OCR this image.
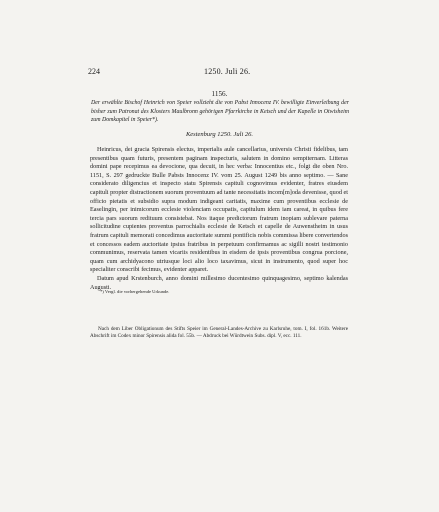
224	1250. Juli 26.
1156.
Der erwählte Bischof Heinrich von Speier vollzieht die von Pabst Innocenz IV. bewilligte Einverleibung der bisher zum Patronat des Klosters Maulbronn gehörigen Pfarrkirche in Ketsch und der Kapelle in Otwisheim zum Domkapitel in Speier*).
Kestenburg 1250. Juli 26.

Heinricus, dei gracia Spirensis electus, imperialis aule cancellarius, universis Christi fidelibus, tam presentibus quam futuris, presentem paginam inspecturis, salutem in domino sempiternam. Litteras domini pape recepimus ea devocione, qua decuit, in hec verba: Innocentius etc., folgt die oben Nro. 1151, S. 297 gedruckte Bulle Pabsts Innocenz IV. vom 25. August 1249 bis anno septimo. — Sane considerato diligencius et inspecto statu Spirensis capituli cognovimus evidenter, fratres eiusdem capituli propter distractionem suorum proventuum ad tante necessitatis incom[m]oda devenisse, quod et officio pietatis et subsidio supra modum indigeant caritatis, maxime cum proventibus ecclesie de Easelingin, per inimicorum ecclesie violenciam occupatis, capitulum idem iam careat, in quibus fere tercia pars suorum redituum consistebat. Nos itaque predictorum fratrum inopiam sublevare paterna sollicitudine cupientes proventus parrochialis ecclesie de Ketsch et capelle de Auwenstheim in usus fratrum capituli memorati concedimus auctoritate summi pontificis nobis commissa libere convertendos et concessos eadem auctoritate ipsius fratribus in perpetuum confirmamus ac sigilli nostri testimonio communimus, reservata tamen vicariis residentibus in eisdem de ipsis proventibus congrua porcione, quam cum archidyacono utriusque loci alio loco taxavimus, sicut in instrumento, quod super hoc specialiter conscribi fecimus, evidenter apparet.

Datum apud Krstenburch, anno domini millesimo ducentesimo quinquagesimo, septimo kalendas Augusti.

*) Vergl. die vorhergehende Urkunde.
Nach dem Liber Obligationum des Stifts Speier im General-Landes-Archive zu Karlsruhe, tom. I, fol. 161b. Weitere Abschrift im Codex minor Spirensis alida fol. 55b. — Abdruck bei Würdtwein Subs. dipl. V, ecc. 111.
